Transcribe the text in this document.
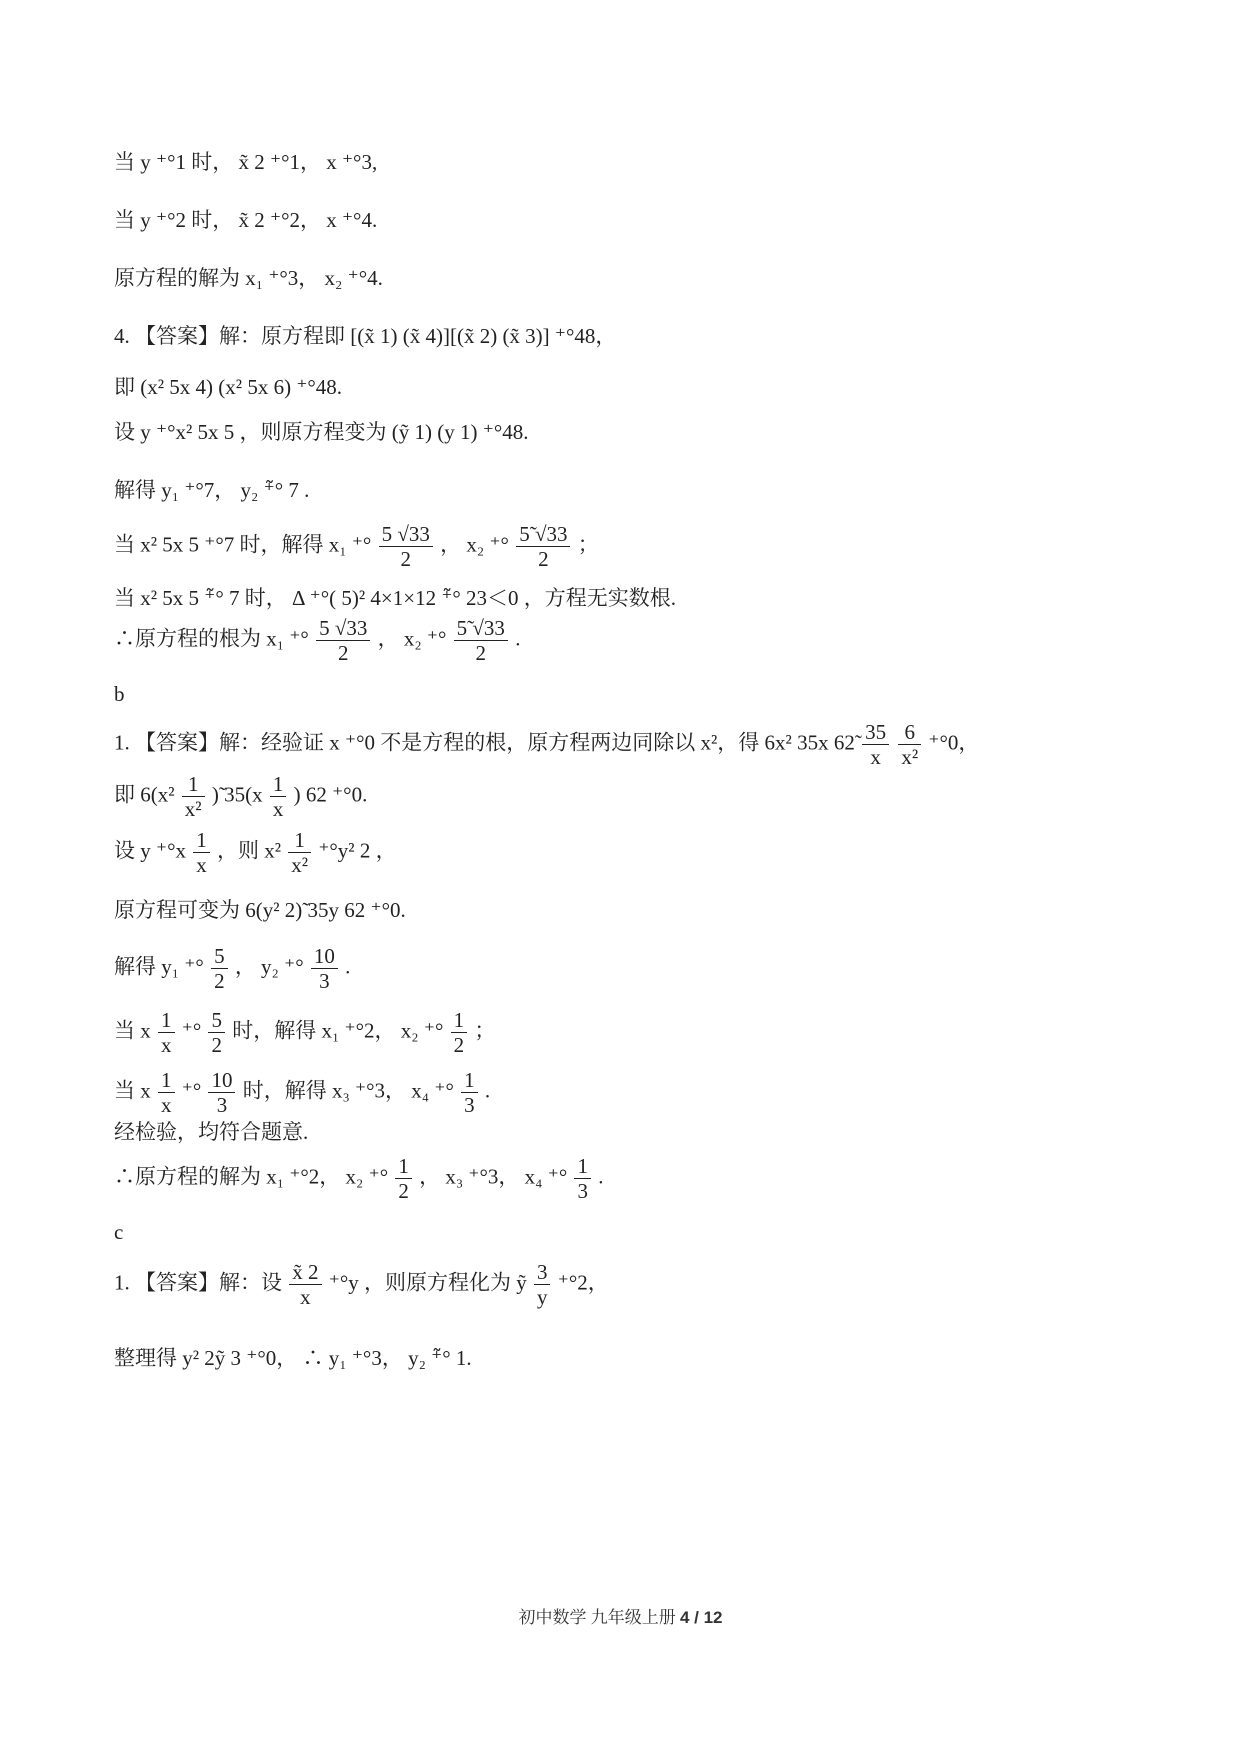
当 y ⁺°1 时， x̃ 2 ⁺°1， x ⁺°3,
当 y ⁺°2 时， x̃ 2 ⁺°2， x ⁺°4.
原方程的解为 x₁ ⁺°3， x₂ ⁺°4.
4. 【答案】解：原方程即 [(x̃ 1) (x̃ 4)][(x̃ 2) (x̃ 3)] ⁺°48，
即 (x² 5x 4) (x² 5x 6) ⁺°48.
设 y ⁺°x² 5x 5 ，则原方程变为 (ỹ 1) (y 1) ⁺°48.
解得 y₁ ⁺°7， y₂ ⁺̃° 7 .
当 x² 5x 5 ⁺°7 时，解得 x₁ ⁺° $\frac{5 √33}{2}$ ， x₂ ⁺° $\frac{5̃ √33}{2}$ ；
当 x² 5x 5 ⁺̃° 7 时， Δ ⁺°( 5)² 4×1×12 ⁺̃° 23＜0 ，方程无实数根.
∴原方程的根为 x₁ ⁺° $\frac{5 √33}{2}$ ， x₂ ⁺° $\frac{5̃ √33}{2}$ .
b
1. 【答案】解：经验证 x ⁺°0 不是方程的根，原方程两边同除以 x²，得 6x² 35x 62̃ $\frac{35}{x}$
$\frac{6}{\text{x²}} ^+^\circ 0$，
即 $6(x^2 \frac{1}{\text{x²}}$ )̃ $35(x \frac{1}{x}$ ) 62 ⁺°0.
设 y $^+^\circ x \frac{1}{x}$ ，则 $x^2 \frac{1}{\text{x²}} ^+^\circ y^2$ 2 ，
原方程可变为 6(y² 2)̃ 35y 62 ⁺°0.
解得 y₁ ⁺° $\frac{5}{2}$ ， y₂ ⁺° $\frac{10}{3}$ .
当 x $\frac{1}{x}$ ⁺° $\frac{5}{2}$ 时，解得 x₁ ⁺°2， x₂ ⁺° $\frac{1}{2}$ ；
当 x $\frac{1}{x}$ ⁺° $\frac{10}{3}$ 时，解得 x₃ ⁺°3， x₄ ⁺° $\frac{1}{3}$ .
经检验，均符合题意.
∴原方程的解为 x₁ ⁺°2， x₂ ⁺° $\frac{1}{2}$ ， x₃ ⁺°3， x₄ ⁺° $\frac{1}{3}$ .
c
1. 【答案】解：设 $\frac{x̃ 2}{x} ^+^\circ y$ ，则原方程化为 ỹ $\frac{3}{y} ^+^\circ 2$，
整理得 y² 2ỹ 3 ⁺°0， ∴ y₁ ⁺°3， y₂ ⁺̃° 1.
初中数学 九年级上册 4 / 12
